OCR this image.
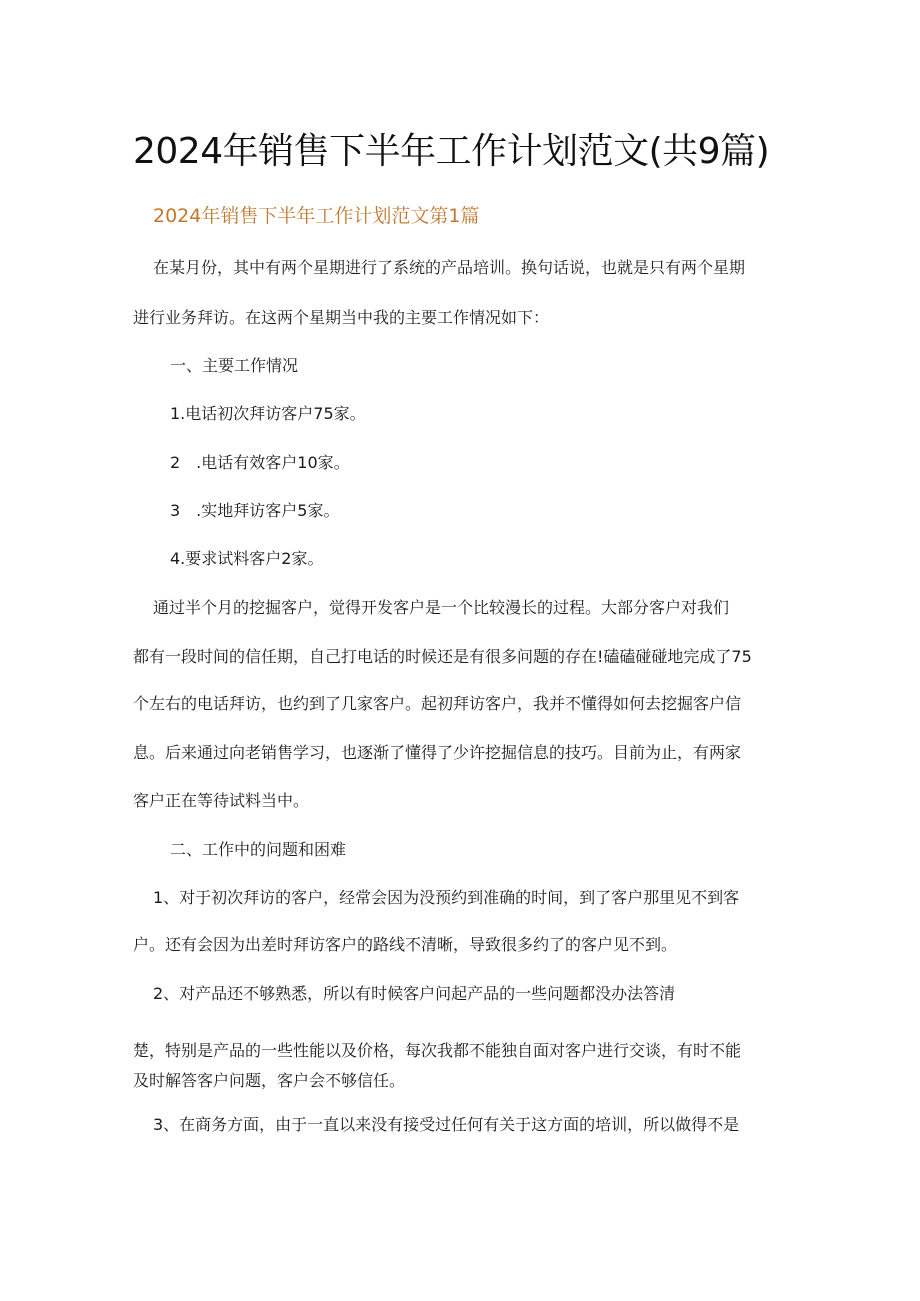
2024年销售下半年工作计划范文(共9篇)
2024年销售下半年工作计划范文第1篇
在某月份，其中有两个星期进行了系统的产品培训。换句话说，也就是只有两个星期
进行业务拜访。在这两个星期当中我的主要工作情况如下：
一、主要工作情况
1.电话初次拜访客户75家。
2　.电话有效客户10家。
3　.实地拜访客户5家。
4.要求试料客户2家。
通过半个月的挖掘客户，觉得开发客户是一个比较漫长的过程。大部分客户对我们
都有一段时间的信任期，自己打电话的时候还是有很多问题的存在!磕磕碰碰地完成了75
个左右的电话拜访，也约到了几家客户。起初拜访客户，我并不懂得如何去挖掘客户信
息。后来通过向老销售学习，也逐渐了懂得了少许挖掘信息的技巧。目前为止，有两家
客户正在等待试料当中。
二、工作中的问题和困难
1、对于初次拜访的客户，经常会因为没预约到准确的时间，到了客户那里见不到客
户。还有会因为出差时拜访客户的路线不清晰，导致很多约了的客户见不到。
2、对产品还不够熟悉，所以有时候客户问起产品的一些问题都没办法答清
楚，特别是产品的一些性能以及价格，每次我都不能独自面对客户进行交谈，有时不能
及时解答客户问题，客户会不够信任。
3、在商务方面，由于一直以来没有接受过任何有关于这方面的培训，所以做得不是
